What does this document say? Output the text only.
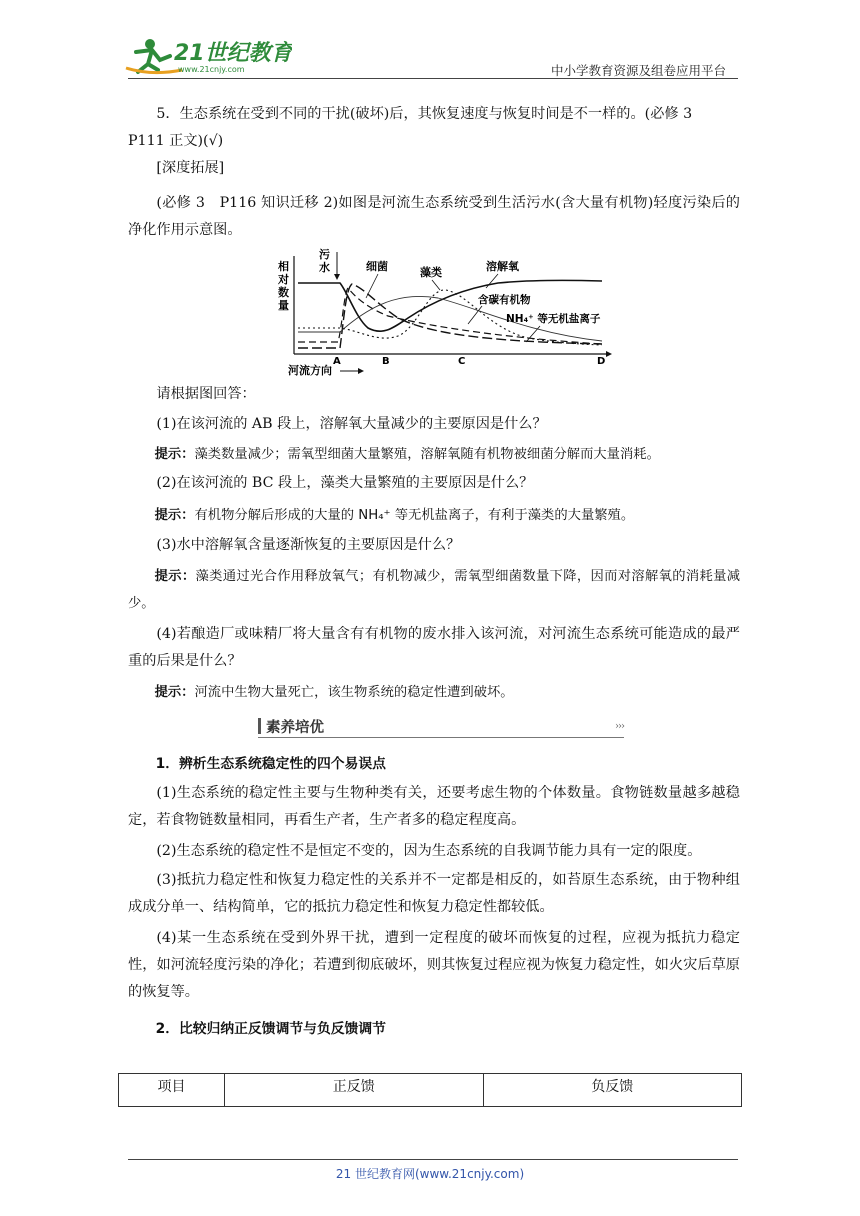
21世纪教育
www.21cnjy.com	中小学教育资源及组卷应用平台
5．生态系统在受到不同的干扰(破坏)后，其恢复速度与恢复时间是不一样的。(必修 3
P111 正文)(√)
[深度拓展]
(必修 3　P116 知识迁移 2)如图是河流生态系统受到生活污水(含大量有机物)轻度污染后的净化作用示意图。
相
对
数
量
污
水	细菌	藻类	溶解氧
含碳有机物
NH₄⁺ 等无机盐离子
A	B	C	D
河流方向
请根据图回答：
(1)在该河流的 AB 段上，溶解氧大量减少的主要原因是什么？
提示：藻类数量减少；需氧型细菌大量繁殖，溶解氧随有机物被细菌分解而大量消耗。
(2)在该河流的 BC 段上，藻类大量繁殖的主要原因是什么？
提示：有机物分解后形成的大量的 NH₄⁺ 等无机盐离子，有利于藻类的大量繁殖。
(3)水中溶解氧含量逐渐恢复的主要原因是什么？
提示：藻类通过光合作用释放氧气；有机物减少，需氧型细菌数量下降，因而对溶解氧的消耗量减少。
(4)若酿造厂或味精厂将大量含有有机物的废水排入该河流，对河流生态系统可能造成的最严重的后果是什么？
提示：河流中生物大量死亡，该生物系统的稳定性遭到破坏。
素养培优	›››
1．辨析生态系统稳定性的四个易误点
(1)生态系统的稳定性主要与生物种类有关，还要考虑生物的个体数量。食物链数量越多越稳定，若食物链数量相同，再看生产者，生产者多的稳定程度高。
(2)生态系统的稳定性不是恒定不变的，因为生态系统的自我调节能力具有一定的限度。
(3)抵抗力稳定性和恢复力稳定性的关系并不一定都是相反的，如苔原生态系统，由于物种组成成分单一、结构简单，它的抵抗力稳定性和恢复力稳定性都较低。
(4)某一生态系统在受到外界干扰，遭到一定程度的破坏而恢复的过程，应视为抵抗力稳定性，如河流轻度污染的净化；若遭到彻底破坏，则其恢复过程应视为恢复力稳定性，如火灾后草原的恢复等。
2．比较归纳正反馈调节与负反馈调节
项目	正反馈	负反馈
21 世纪教育网(www.21cnjy.com)
